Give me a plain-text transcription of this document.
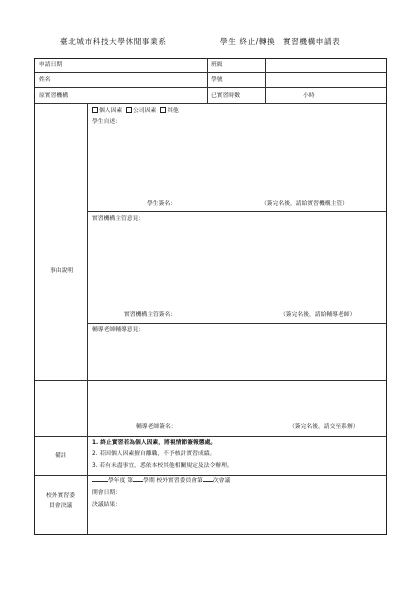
臺北城市科技大學休閒事業系	學生 終止/轉換 實習機構申請表
申請日期	班級
姓名	學號
原實習機構	已實習時數	小時
事由說明
個人因素 公司因素 其他
學生自述：
學生簽名：	（簽完名後，請給實習機構主管）
實習機構主管意見：
實習機構主管簽名：	（簽完名後，請給輔導老師）
輔導老師輔導意見：
輔導老師簽名：	（簽完名後，請交至系辦）
備註
1. 終止實習若為個人因素，將視情節簽報懲處。
2. 若因個人因素擅自離職，不予核計實習成績。
3. 若有未盡事宜，悉依本校其他相關規定及法令辦理。
校外實習委
員會決議
學年度 第 學期 校外實習委員會第 次會議
開會日期：
決議結果：
